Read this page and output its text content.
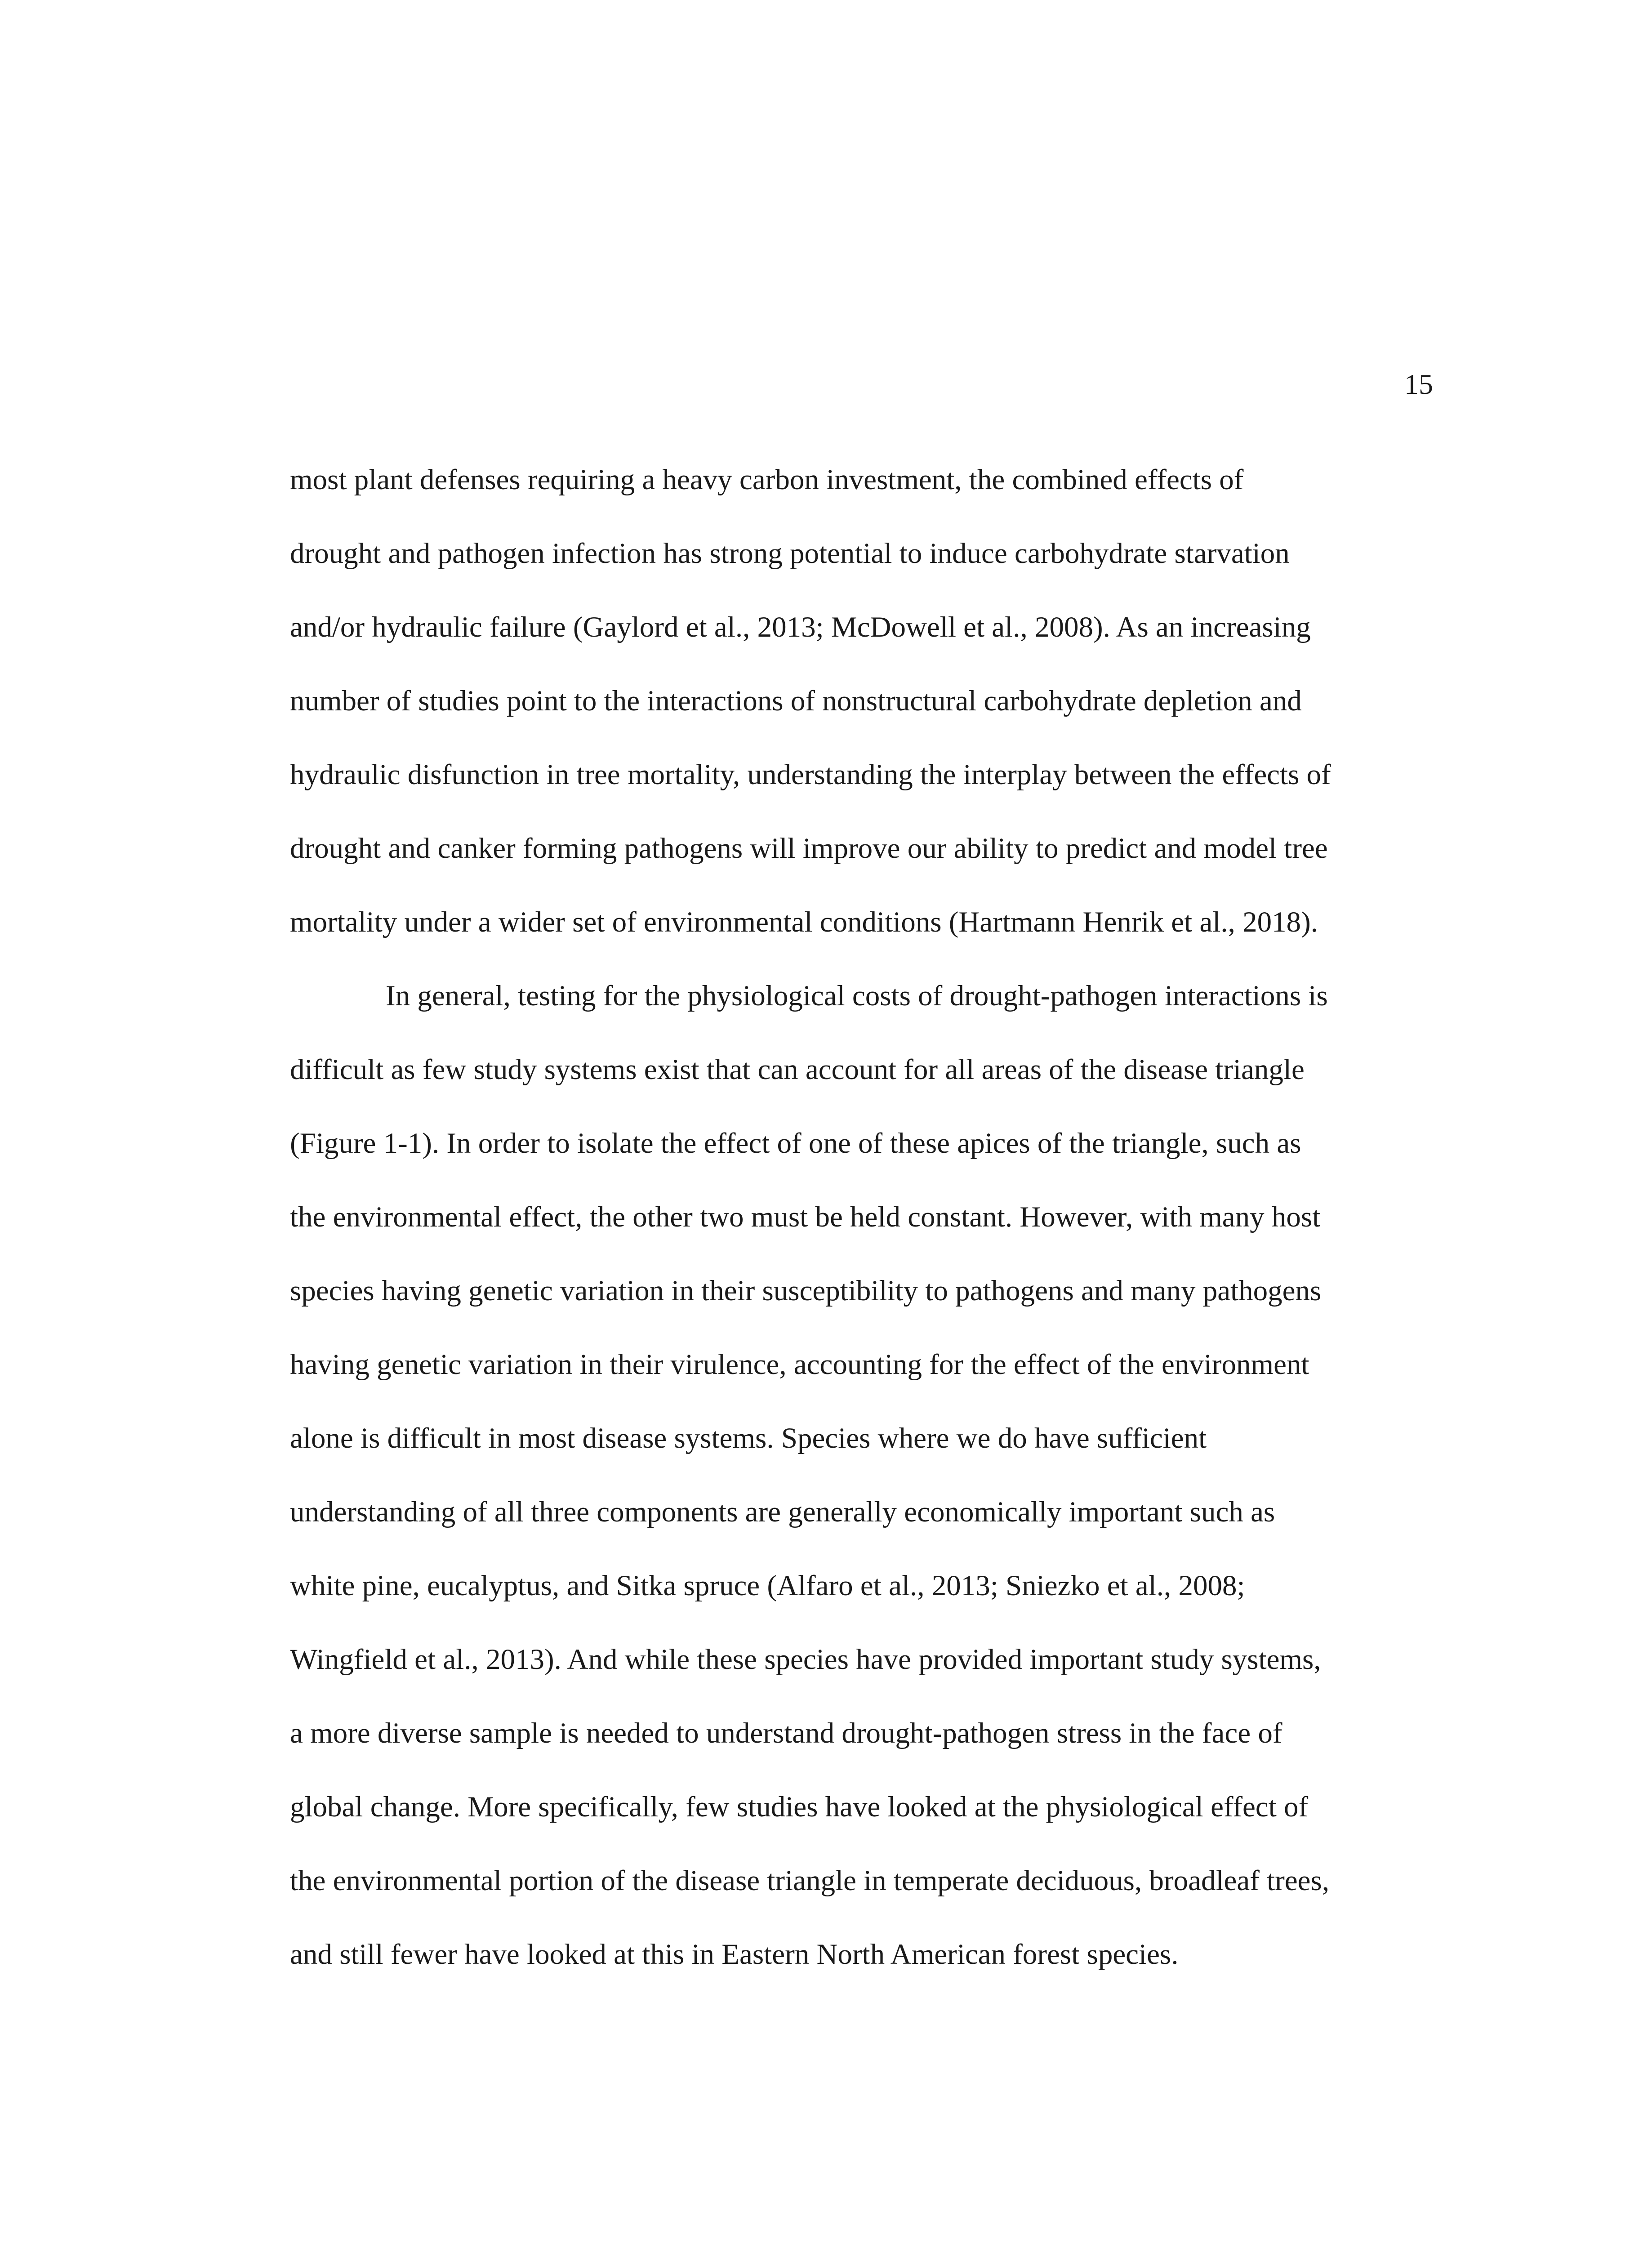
15

most plant defenses requiring a heavy carbon investment, the combined effects of
drought and pathogen infection has strong potential to induce carbohydrate starvation
and/or hydraulic failure (Gaylord et al., 2013; McDowell et al., 2008). As an increasing
number of studies point to the interactions of nonstructural carbohydrate depletion and
hydraulic disfunction in tree mortality, understanding the interplay between the effects of
drought and canker forming pathogens will improve our ability to predict and model tree
mortality under a wider set of environmental conditions (Hartmann Henrik et al., 2018).
In general, testing for the physiological costs of drought-pathogen interactions is
difficult as few study systems exist that can account for all areas of the disease triangle
(Figure 1-1). In order to isolate the effect of one of these apices of the triangle, such as
the environmental effect, the other two must be held constant. However, with many host
species having genetic variation in their susceptibility to pathogens and many pathogens
having genetic variation in their virulence, accounting for the effect of the environment
alone is difficult in most disease systems. Species where we do have sufficient
understanding of all three components are generally economically important such as
white pine, eucalyptus, and Sitka spruce (Alfaro et al., 2013; Sniezko et al., 2008;
Wingfield et al., 2013). And while these species have provided important study systems,
a more diverse sample is needed to understand drought-pathogen stress in the face of
global change. More specifically, few studies have looked at the physiological effect of
the environmental portion of the disease triangle in temperate deciduous, broadleaf trees,
and still fewer have looked at this in Eastern North American forest species.
